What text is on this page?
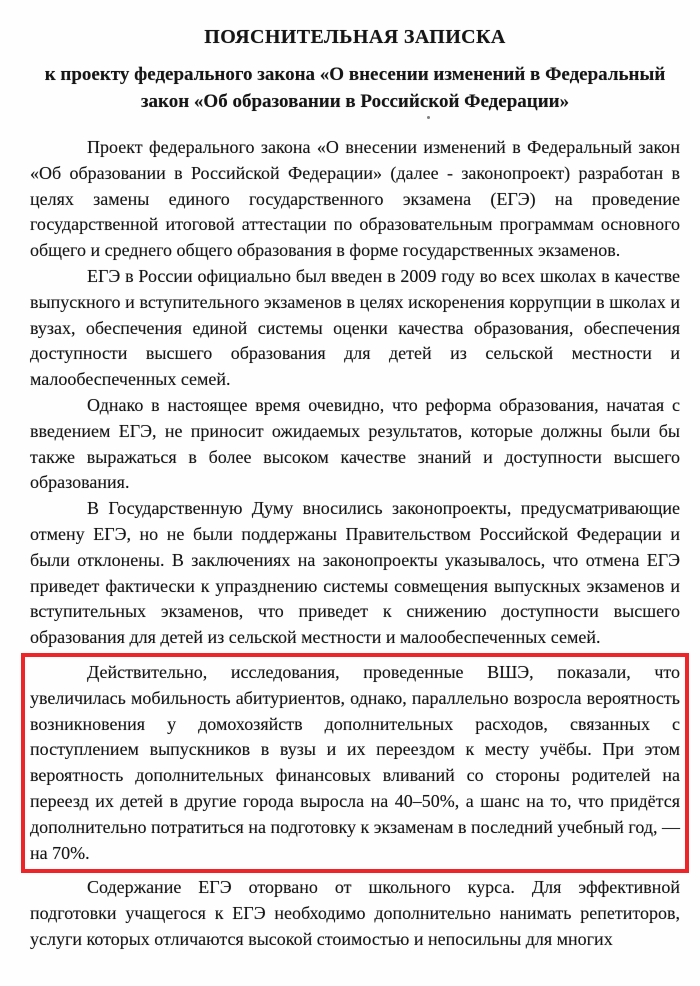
ПОЯСНИТЕЛЬНАЯ ЗАПИСКА
к проекту федерального закона «О внесении изменений в Федеральный
закон «Об образовании в Российской Федерации»

Проект федерального закона «О внесении изменений в Федеральный закон «Об образовании в Российской Федерации» (далее - законопроект) разработан в целях замены единого государственного экзамена (ЕГЭ) на проведение государственной итоговой аттестации по образовательным программам основного общего и среднего общего образования в форме государственных экзаменов.

ЕГЭ в России официально был введен в 2009 году во всех школах в качестве выпускного и вступительного экзаменов в целях искоренения коррупции в школах и вузах, обеспечения единой системы оценки качества образования, обеспечения доступности высшего образования для детей из сельской местности и малообеспеченных семей.

Однако в настоящее время очевидно, что реформа образования, начатая с введением ЕГЭ, не приносит ожидаемых результатов, которые должны были бы также выражаться в более высоком качестве знаний и доступности высшего образования.

В Государственную Думу вносились законопроекты, предусматривающие отмену ЕГЭ, но не были поддержаны Правительством Российской Федерации и были отклонены. В заключениях на законопроекты указывалось, что отмена ЕГЭ приведет фактически к упразднению системы совмещения выпускных экзаменов и вступительных экзаменов, что приведет к снижению доступности высшего образования для детей из сельской местности и малообеспеченных семей.

Действительно, исследования, проведенные ВШЭ, показали, что увеличилась мобильность абитуриентов, однако, параллельно возросла вероятность возникновения у домохозяйств дополнительных расходов, связанных с поступлением выпускников в вузы и их переездом к месту учёбы. При этом вероятность дополнительных финансовых вливаний со стороны родителей на переезд их детей в другие города выросла на 40–50%, а шанс на то, что придётся дополнительно потратиться на подготовку к экзаменам в последний учебный год, — на 70%.

Содержание ЕГЭ оторвано от школьного курса. Для эффективной подготовки учащегося к ЕГЭ необходимо дополнительно нанимать репетиторов, услуги которых отличаются высокой стоимостью и непосильны для многих
